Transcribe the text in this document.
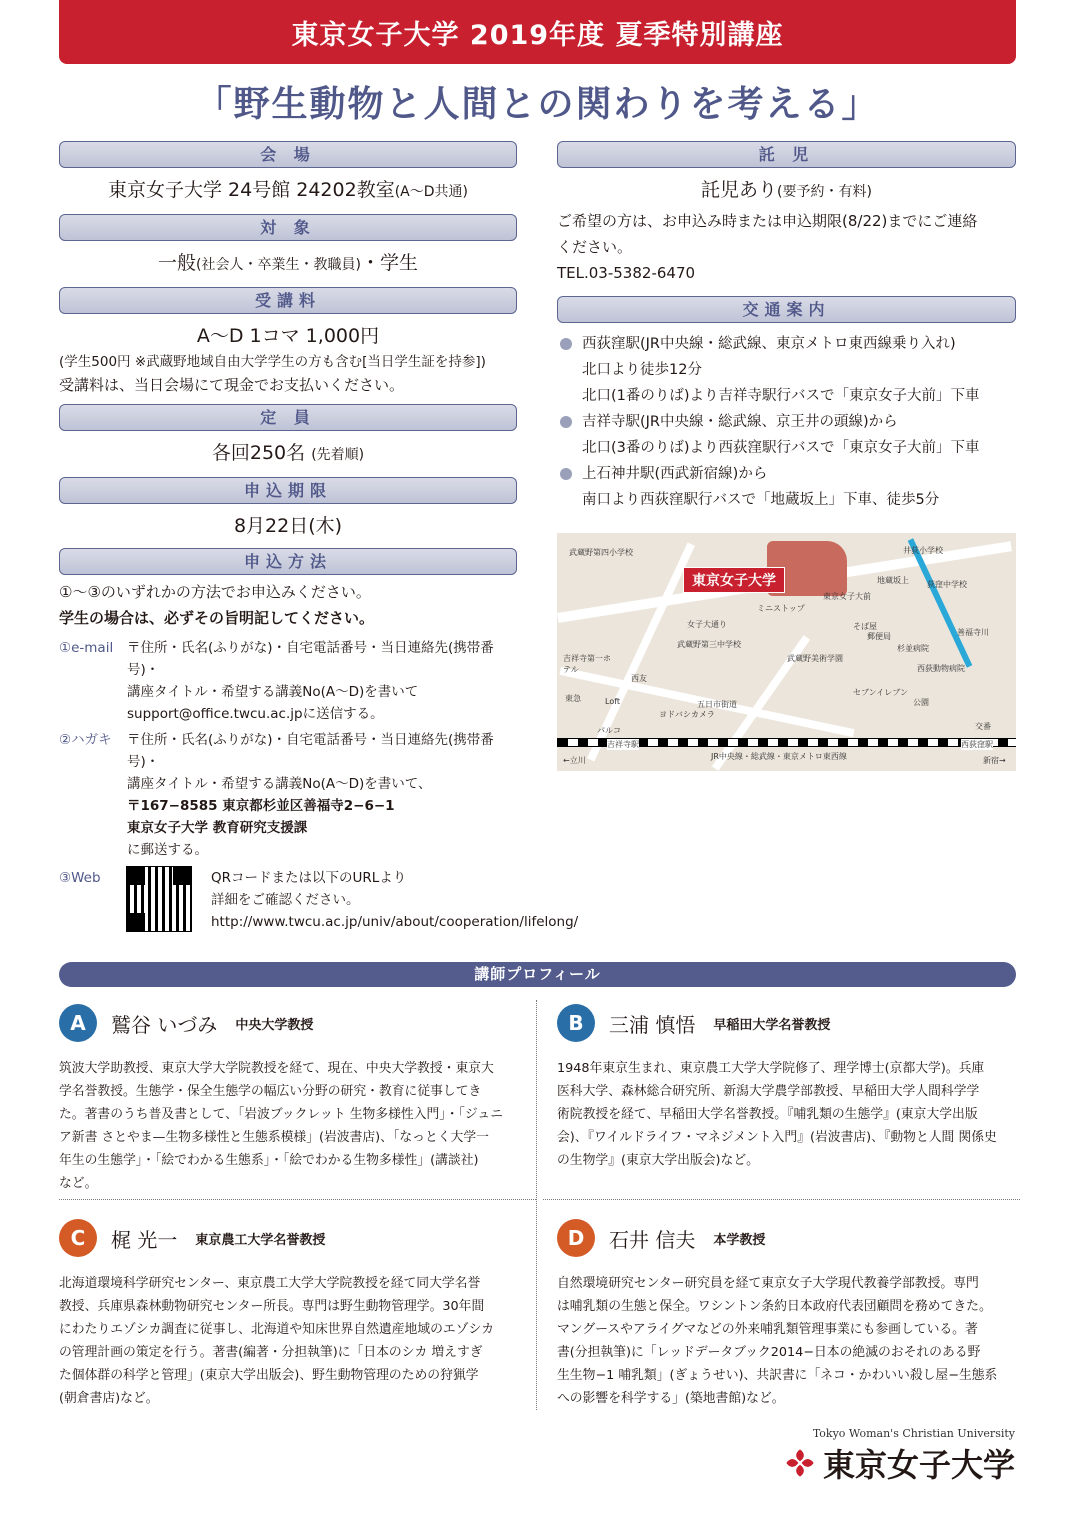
東京女子大学 2019年度 夏季特別講座
「野生動物と人間との関わりを考える」
会 場
東京女子大学 24号館 24202教室(A〜D共通)
対 象
一般(社会人・卒業生・教職員)・学生
受講料
A〜D 1コマ 1,000円
(学生500円 ※武蔵野地域自由大学学生の方も含む[当日学生証を持参])
受講料は、当日会場にて現金でお支払いください。
定 員
各回250名 (先着順)
申込期限
8月22日(木)
申込方法
①〜③のいずれかの方法でお申込みください。
学生の場合は、必ずその旨明記してください。
①e-mail	〒住所・氏名(ふりがな)・自宅電話番号・当日連絡先(携帯番号)・
講座タイトル・希望する講義No(A〜D)を書いて
support@office.twcu.ac.jpに送信する。
②ハガキ	〒住所・氏名(ふりがな)・自宅電話番号・当日連絡先(携帯番号)・
講座タイトル・希望する講義No(A〜D)を書いて、
〒167−8585 東京都杉並区善福寺2−6−1
東京女子大学 教育研究支援課
に郵送する。
③Web	QRコードまたは以下のURLより
詳細をご確認ください。
http://www.twcu.ac.jp/univ/about/cooperation/lifelong/
託 児
託児あり(要予約・有料)
ご希望の方は、お申込み時または申込期限(8/22)までにご連絡
ください。
TEL.03-5382-6470
交通案内
西荻窪駅(JR中央線・総武線、東京メトロ東西線乗り入れ)
北口より徒歩12分
北口(1番のりば)より吉祥寺駅行バスで「東京女子大前」下車
吉祥寺駅(JR中央線・総武線、京王井の頭線)から
北口(3番のりば)より西荻窪駅行バスで「東京女子大前」下車
上石神井駅(西武新宿線)から
南口より西荻窪駅行バスで「地蔵坂上」下車、徒歩5分
東京女子大学
武蔵野第四小学校	井荻小学校
地蔵坂上 荻窪中学校
ミニストップ
東京女子大前
女子大通り
善福寺川
そば屋
郵便局
杉並病院
西荻動物病院
武蔵野第三中学校
武蔵野美術学園
吉祥寺第一ホテル
西友
東急	Loft
ヨドバシカメラ
五日市街道
セブンイレブン
公園
交番
パルコ
吉祥寺駅	西荻窪駅
←立川	JR中央線・総武線・東京メトロ東西線	新宿→
講師プロフィール
A	鷲谷 いづみ 中央大学教授
筑波大学助教授、東京大学大学院教授を経て、現在、中央大学教授・東京大
学名誉教授。生態学・保全生態学の幅広い分野の研究・教育に従事してき
た。著書のうち普及書として、「岩波ブックレット 生物多様性入門」・「ジュニ
ア新書 さとやま—生物多様性と生態系模様」(岩波書店)、「なっとく大学一
年生の生態学」・「絵でわかる生態系」・「絵でわかる生物多様性」(講談社)
など。
B	三浦 慎悟 早稲田大学名誉教授
1948年東京生まれ、東京農工大学大学院修了、理学博士(京都大学)。兵庫
医科大学、森林総合研究所、新潟大学農学部教授、早稲田大学人間科学学
術院教授を経て、早稲田大学名誉教授。『哺乳類の生態学』(東京大学出版
会)、『ワイルドライフ・マネジメント入門』(岩波書店)、『動物と人間 関係史
の生物学』(東京大学出版会)など。
C	梶 光一 東京農工大学名誉教授
北海道環境科学研究センター、東京農工大学大学院教授を経て同大学名誉
教授、兵庫県森林動物研究センター所長。専門は野生動物管理学。30年間
にわたりエゾシカ調査に従事し、北海道や知床世界自然遺産地域のエゾシカ
の管理計画の策定を行う。著書(編著・分担執筆)に「日本のシカ 増えすぎ
た個体群の科学と管理」(東京大学出版会)、野生動物管理のための狩猟学
(朝倉書店)など。
D	石井 信夫 本学教授
自然環境研究センター研究員を経て東京女子大学現代教養学部教授。専門
は哺乳類の生態と保全。ワシントン条約日本政府代表団顧問を務めてきた。
マングースやアライグマなどの外来哺乳類管理事業にも参画している。著
書(分担執筆)に「レッドデータブック2014−日本の絶滅のおそれのある野
生生物−1 哺乳類」(ぎょうせい)、共訳書に「ネコ・かわいい殺し屋−生態系
への影響を科学する」(築地書館)など。
Tokyo Woman's Christian University
東京女子大学
